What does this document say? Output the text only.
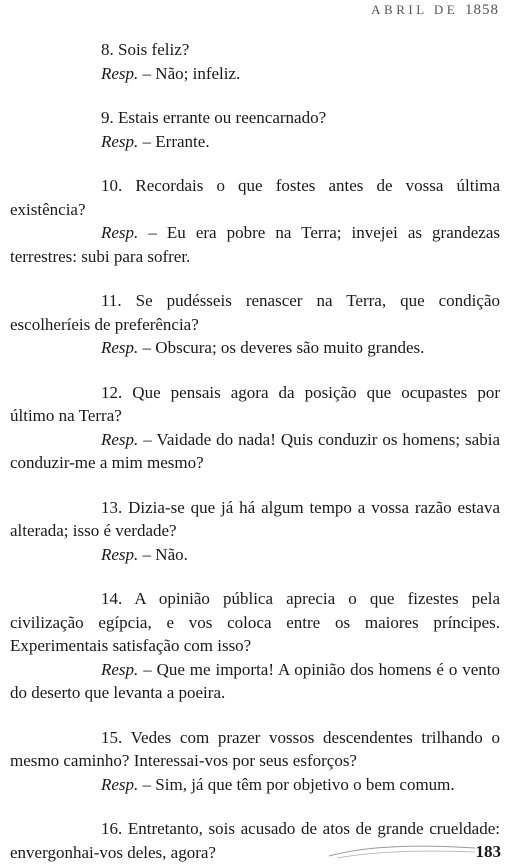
ABRIL DE 1858

8. Sois feliz?

Resp. – Não; infeliz.

9. Estais errante ou reencarnado?

Resp. – Errante.

10. Recordais o que fostes antes de vossa última existência?

Resp. – Eu era pobre na Terra; invejei as grandezas terrestres: subi para sofrer.

11. Se pudésseis renascer na Terra, que condição escolheríeis de preferência?

Resp. – Obscura; os deveres são muito grandes.

12. Que pensais agora da posição que ocupastes por último na Terra?

Resp. – Vaidade do nada! Quis conduzir os homens; sabia conduzir-me a mim mesmo?

13. Dizia-se que já há algum tempo a vossa razão estava alterada; isso é verdade?

Resp. – Não.

14. A opinião pública aprecia o que fizestes pela civilização egípcia, e vos coloca entre os maiores príncipes. Experimentais satisfação com isso?

Resp. – Que me importa! A opinião dos homens é o vento do deserto que levanta a poeira.

15. Vedes com prazer vossos descendentes trilhando o mesmo caminho? Interessai-vos por seus esforços?

Resp. – Sim, já que têm por objetivo o bem comum.

16. Entretanto, sois acusado de atos de grande crueldade: envergonhai-vos deles, agora?	183
